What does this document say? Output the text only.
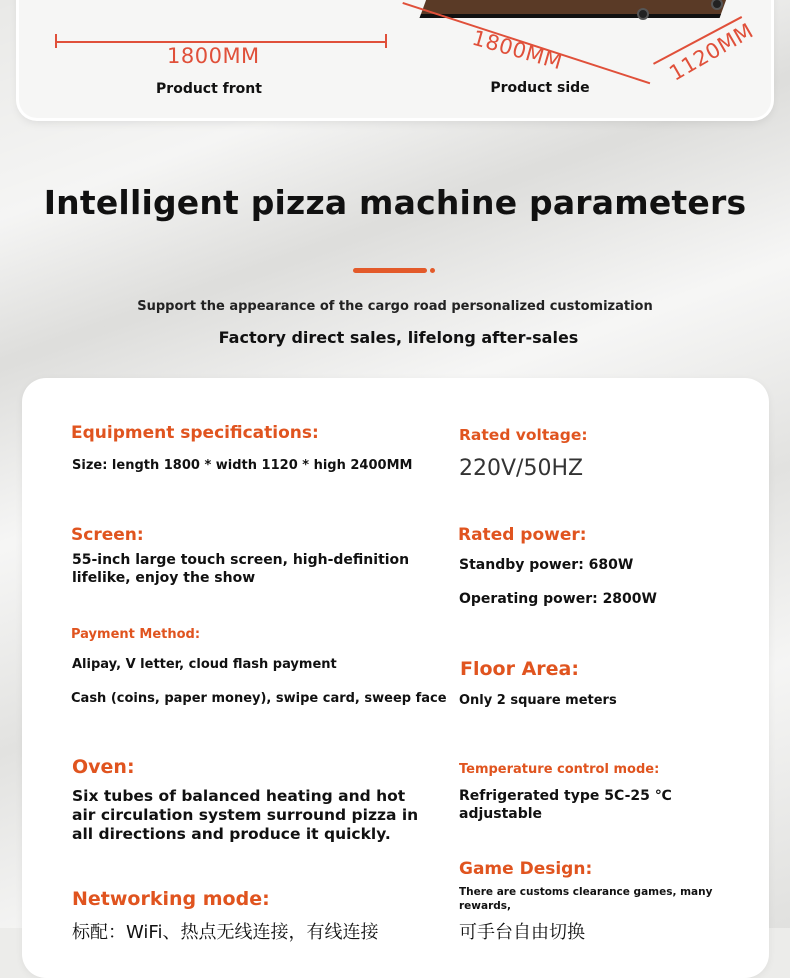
1800MM
Product front
1800MM	1120MM
Product side
Intelligent pizza machine parameters
Support the appearance of the cargo road personalized customization
Factory direct sales, lifelong after-sales
Equipment specifications:
Size: length 1800 * width 1120 * high 2400MM
Screen:
55-inch large touch screen, high-definition
lifelike, enjoy the show
Payment Method:
Alipay, V letter, cloud flash payment
Cash (coins, paper money), swipe card, sweep face
Oven:
Six tubes of balanced heating and hot
air circulation system surround pizza in
all directions and produce it quickly.
Networking mode:
标配：WiFi、热点无线连接，有线连接
Rated voltage:
220V/50HZ
Rated power:
Standby power: 680W
Operating power: 2800W
Floor Area:
Only 2 square meters
Temperature control mode:
Refrigerated type 5C-25 ℃
adjustable
Game Design:
There are customs clearance games, many
rewards,
可手台自由切换
